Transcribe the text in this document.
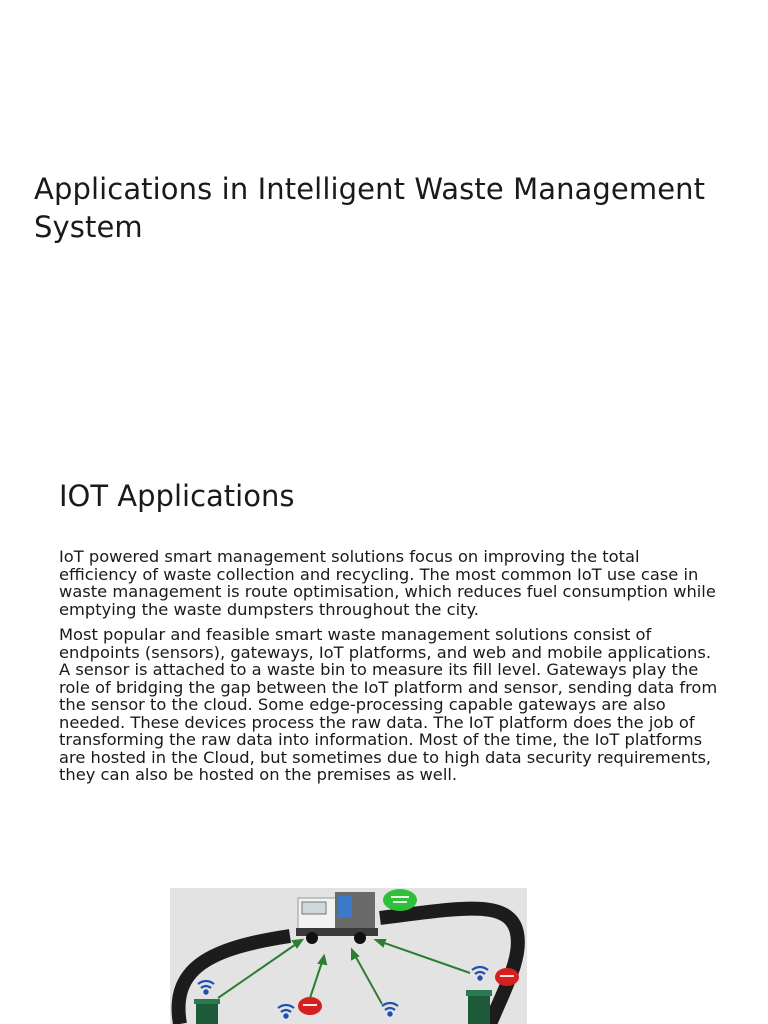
Applications in Intelligent Waste Management System
IOT Applications

IoT powered smart management solutions focus on improving the total efficiency of waste collection and recycling. The most common IoT use case in waste management is route optimisation, which reduces fuel consumption while emptying the waste dumpsters throughout the city.

Most popular and feasible smart waste management solutions consist of endpoints (sensors), gateways, IoT platforms, and web and mobile applications. A sensor is attached to a waste bin to measure its fill level. Gateways play the role of bridging the gap between the IoT platform and sensor, sending data from the sensor to the cloud. Some edge-processing capable gateways are also needed. These devices process the raw data. The IoT platform does the job of transforming the raw data into information. Most of the time, the IoT platforms are hosted in the Cloud, but sometimes due to high data security requirements, they can also be hosted on the premises as well.
